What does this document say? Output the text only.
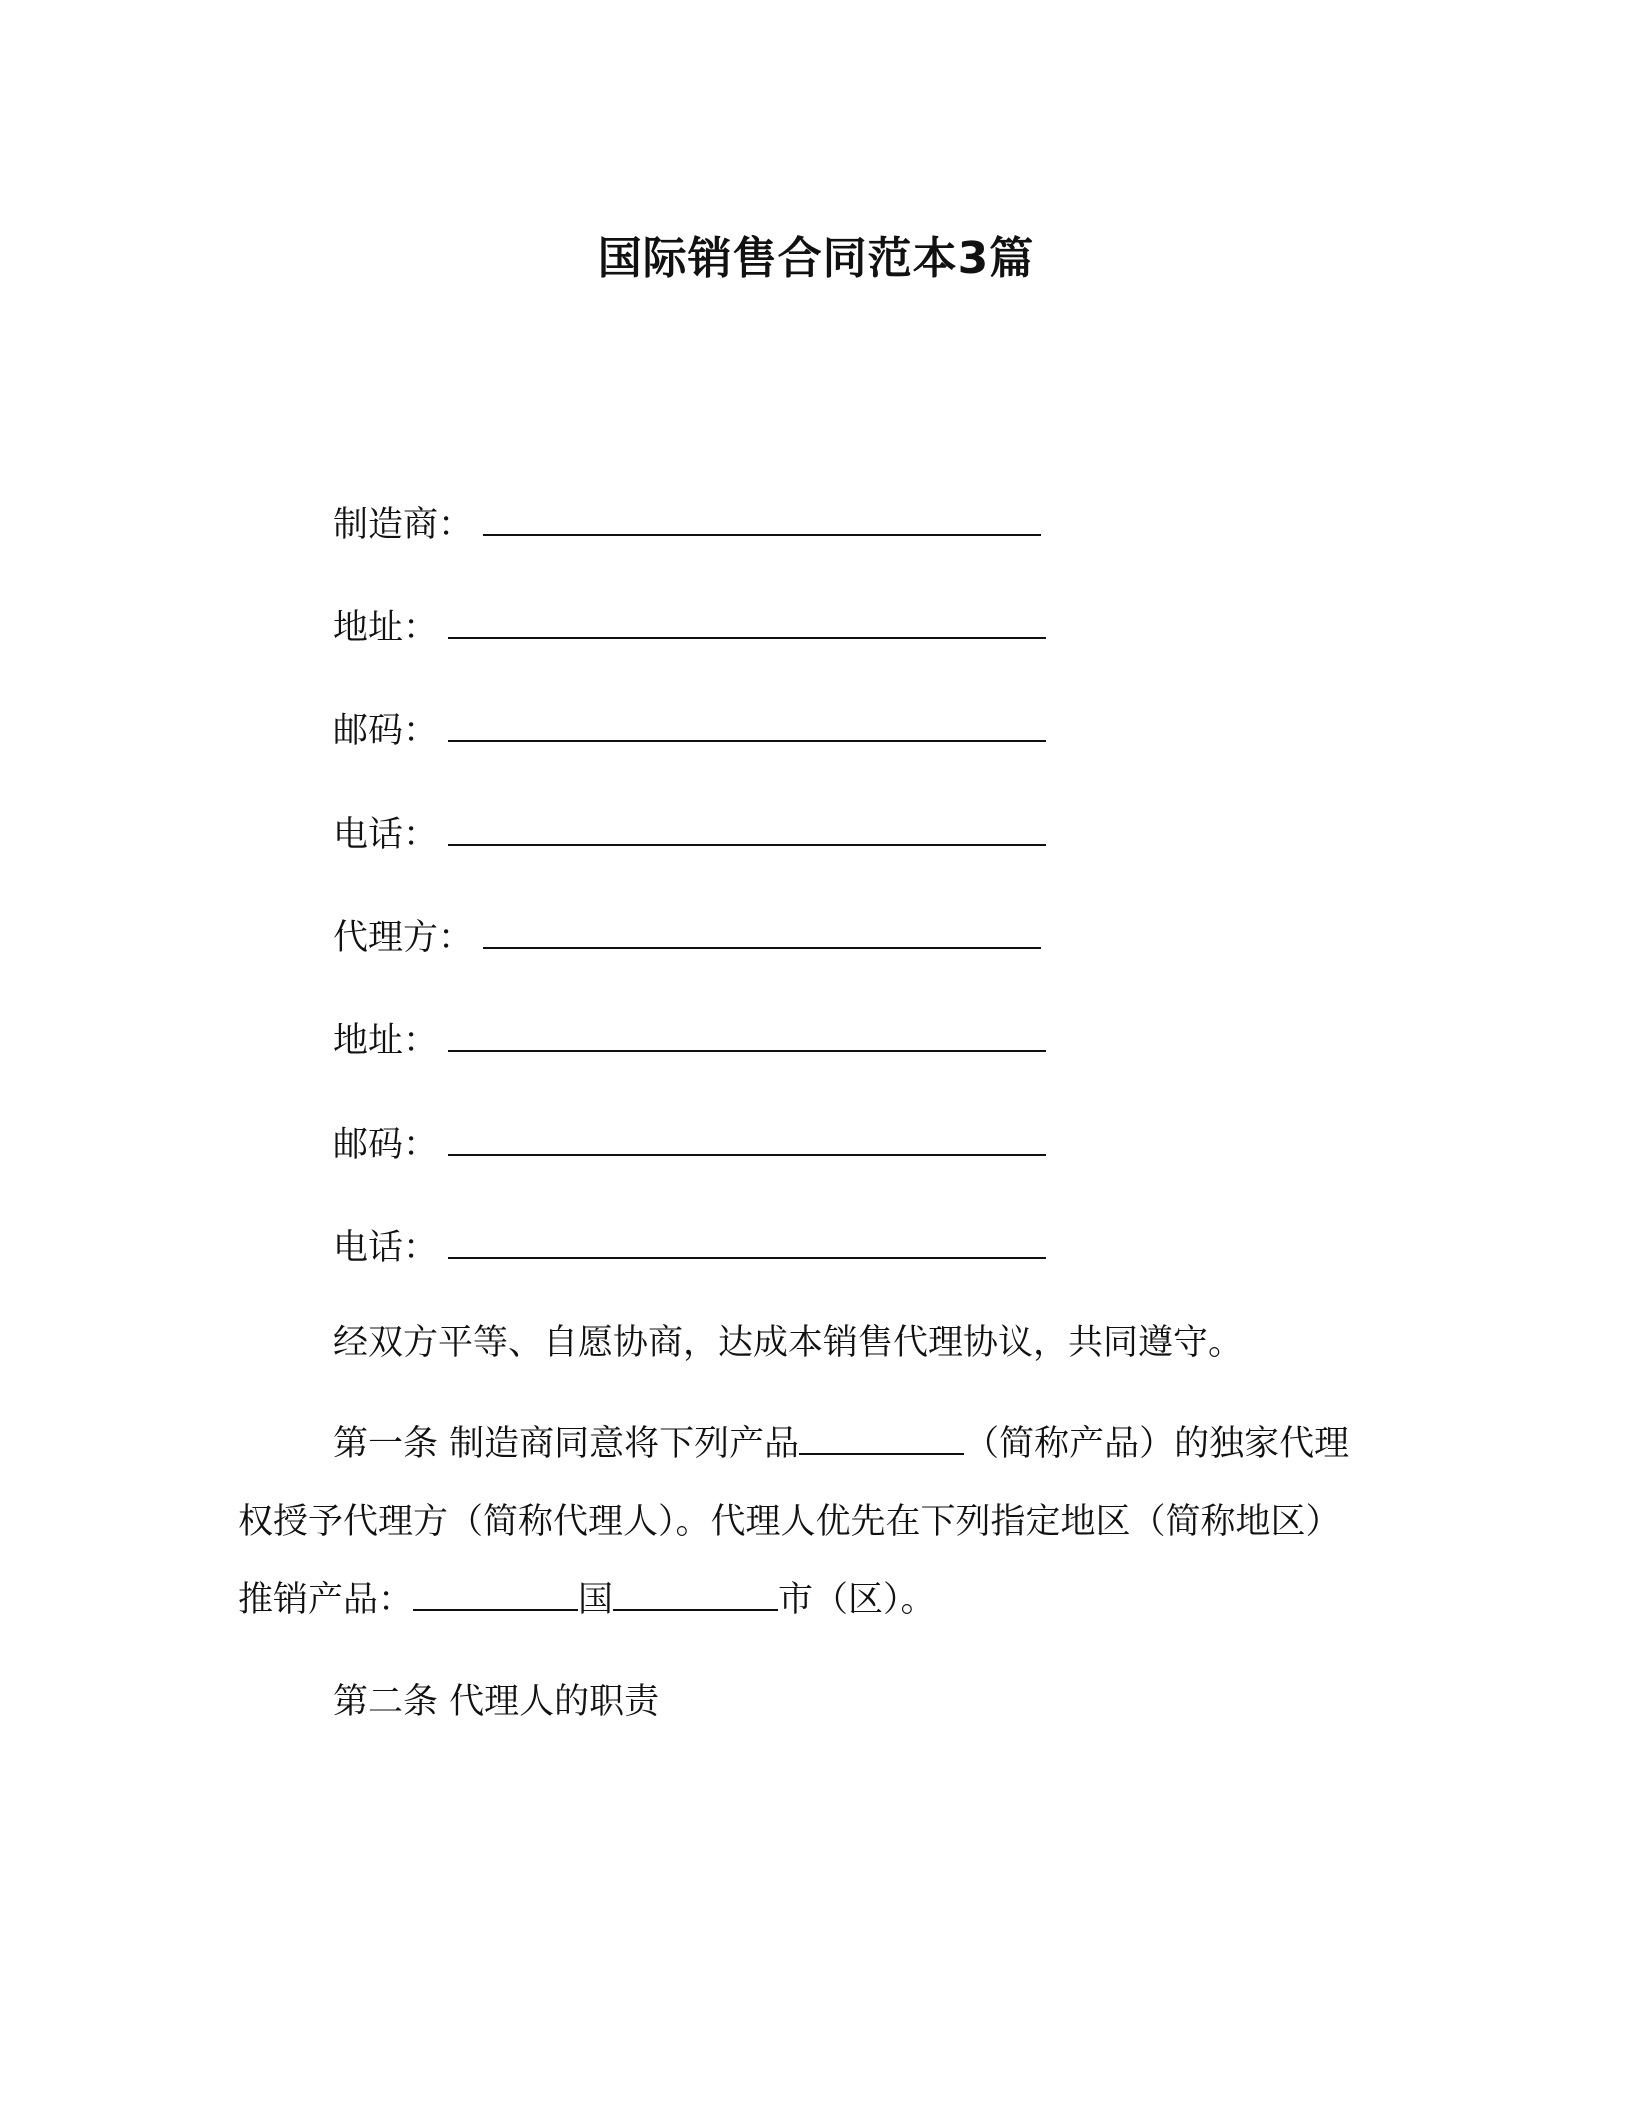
国际销售合同范本3篇
制造商：
地址：
邮码：
电话：
代理方：
地址：
邮码：
电话：
经双方平等、自愿协商，达成本销售代理协议，共同遵守。
第一条 制造商同意将下列产品	（简称产品）的独家代理权授予代理方（简称代理人）。代理人优先在下列指定地区（简称地区）推销产品：	国	市（区）。
第二条 代理人的职责
